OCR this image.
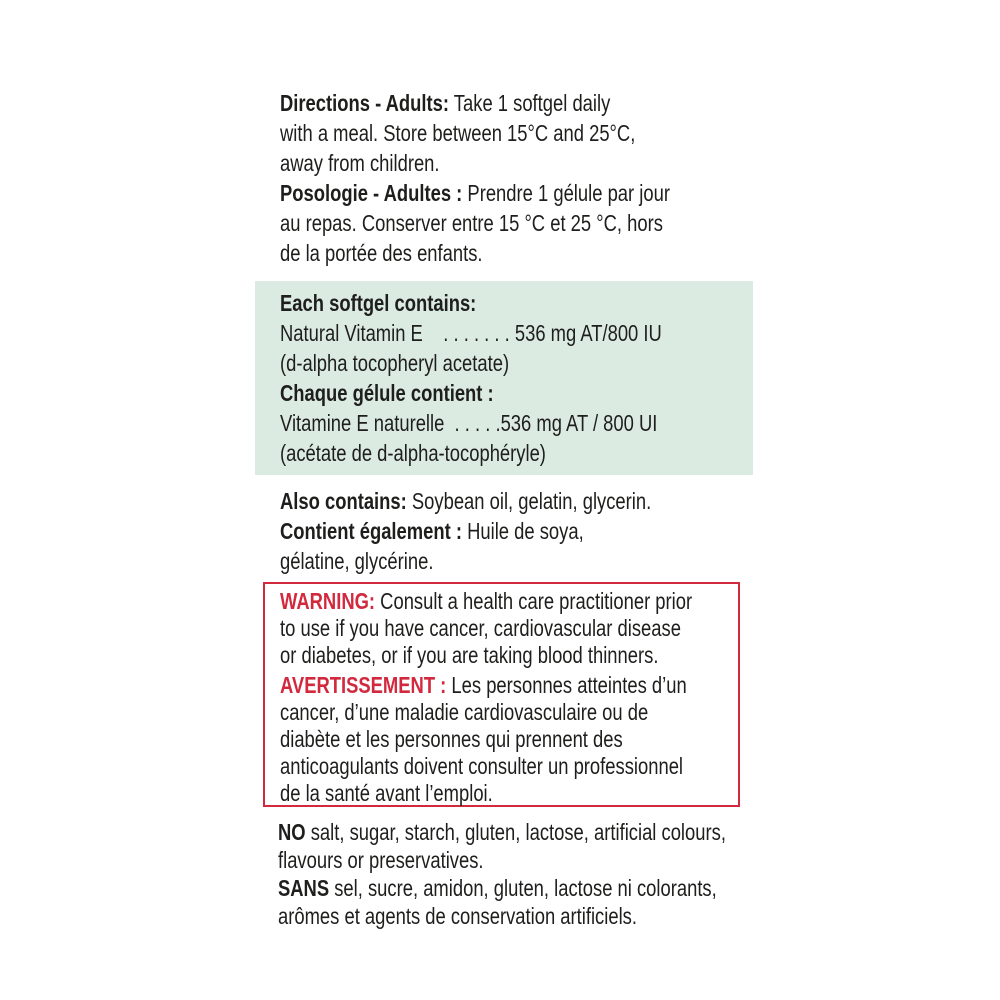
Directions - Adults: Take 1 softgel daily
with a meal. Store between 15°C and 25°C,
away from children.
Posologie - Adultes : Prendre 1 gélule par jour
au repas. Conserver entre 15 °C et 25 °C, hors
de la portée des enfants.
Each softgel contains:
Natural Vitamin E    . . . . . . . 536 mg AT/800 IU
(d-alpha tocopheryl acetate)
Chaque gélule contient :
Vitamine E naturelle  . . . . .536 mg AT / 800 UI
(acétate de d-alpha-tocophéryle)
Also contains: Soybean oil, gelatin, glycerin.
Contient également : Huile de soya,
gélatine, glycérine.
WARNING: Consult a health care practitioner prior
to use if you have cancer, cardiovascular disease
or diabetes, or if you are taking blood thinners.
AVERTISSEMENT : Les personnes atteintes d’un
cancer, d’une maladie cardiovasculaire ou de
diabète et les personnes qui prennent des
anticoagulants doivent consulter un professionnel
de la santé avant l’emploi.
NO salt, sugar, starch, gluten, lactose, artificial colours,
flavours or preservatives.
SANS sel, sucre, amidon, gluten, lactose ni colorants,
arômes et agents de conservation artificiels.
